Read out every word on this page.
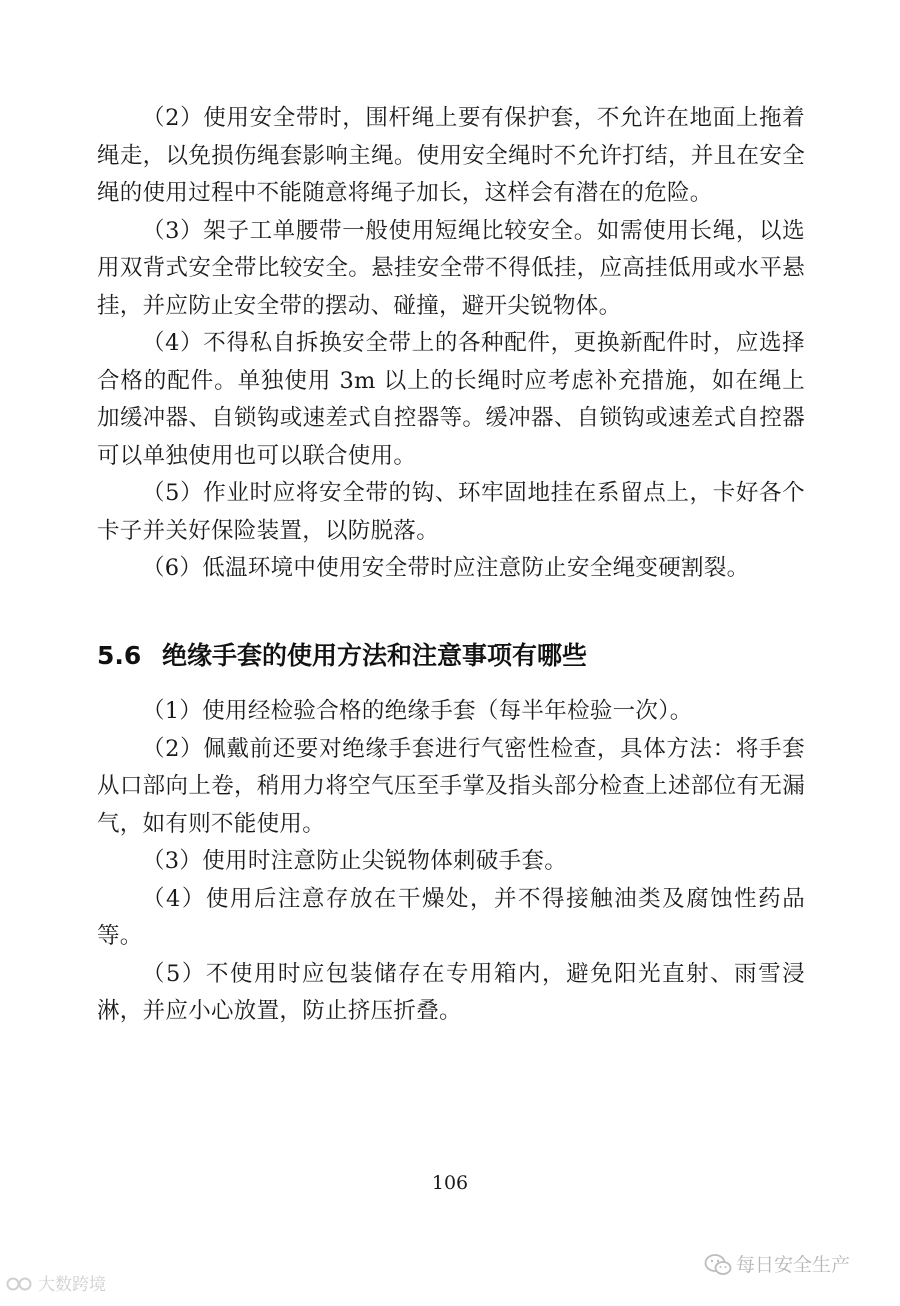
（2）使用安全带时，围杆绳上要有保护套，不允许在地面上拖着绳走，以免损伤绳套影响主绳。使用安全绳时不允许打结，并且在安全绳的使用过程中不能随意将绳子加长，这样会有潜在的危险。

（3）架子工单腰带一般使用短绳比较安全。如需使用长绳，以选用双背式安全带比较安全。悬挂安全带不得低挂，应高挂低用或水平悬挂，并应防止安全带的摆动、碰撞，避开尖锐物体。

（4）不得私自拆换安全带上的各种配件，更换新配件时，应选择合格的配件。单独使用 3m 以上的长绳时应考虑补充措施，如在绳上加缓冲器、自锁钩或速差式自控器等。缓冲器、自锁钩或速差式自控器可以单独使用也可以联合使用。

（5）作业时应将安全带的钩、环牢固地挂在系留点上，卡好各个卡子并关好保险装置，以防脱落。

（6）低温环境中使用安全带时应注意防止安全绳变硬割裂。

5.6 绝缘手套的使用方法和注意事项有哪些

（1）使用经检验合格的绝缘手套（每半年检验一次）。

（2）佩戴前还要对绝缘手套进行气密性检查，具体方法：将手套从口部向上卷，稍用力将空气压至手掌及指头部分检查上述部位有无漏气，如有则不能使用。

（3）使用时注意防止尖锐物体刺破手套。

（4）使用后注意存放在干燥处，并不得接触油类及腐蚀性药品等。

（5）不使用时应包装储存在专用箱内，避免阳光直射、雨雪浸淋，并应小心放置，防止挤压折叠。

106
大数跨境
每日安全生产
